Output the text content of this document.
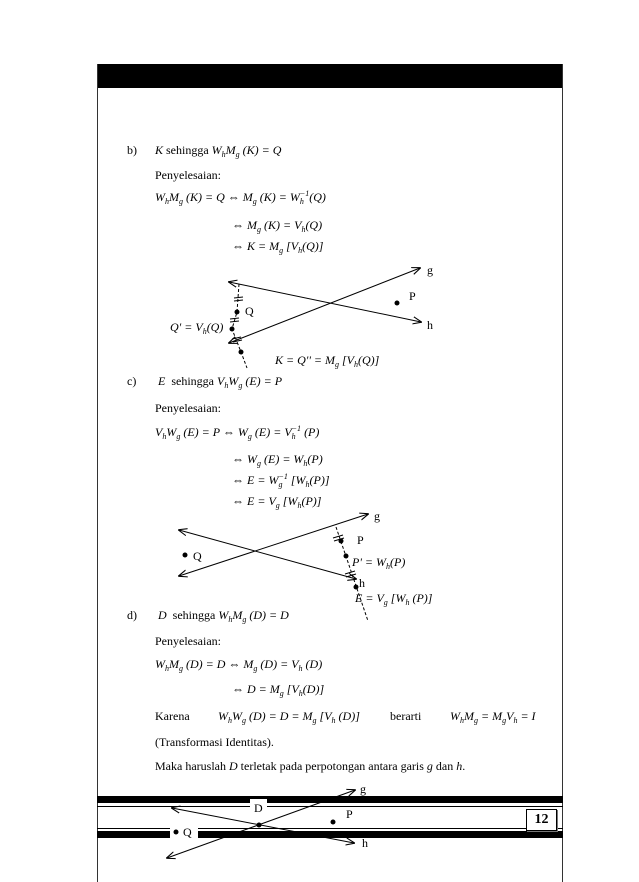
b) K sehingga $W_hM_g$ (K) = Q
Penyelesaian:
$W_hM_g$ (K) = Q ⇔ $M_g$ (K) = W −1
h (Q)
⇔ $M_g$ $(K) = V_h(Q)$
⇔ $K = M_g$ $[V_h(Q)]$
g
h
P
Q
$Q' = V_h(Q)$
$K = Q'' = M_g$ $[V_h(Q)]$
c) E  sehingga $V_hW_g$ (E) = P
Penyelesaian:
$V_hW_g$ (E) = P ⇔ $W_g$ (E) = V −1
h (P)
⇔ $W_g$ $(E) = W_h(P)$
⇔ E = W −1
g $[W_h(P)]$
⇔ $E = V_g$ $[W_h(P)]$
g
h
Q
P
$P' = W_h(P)$
$E = V_g$ [$W_h$ (P)]
d) D  sehingga $W_hM_g$ (D) = D
Penyelesaian:
$W_hM_g$ (D) = D ⇔ $M_g$ $(D) = V_h$ (D)
⇔ $D = M_g$ $[V_h(D)]$
Karena $W_hW_g$ $(D) = D = M_g$ [$V_h$ (D)]	berarti $W_hM_g = M_gV_h = I$
(Transformasi Identitas).
Maka haruslah D terletak pada perpotongan antara garis g dan h.
g
D	P
Q
h
12
